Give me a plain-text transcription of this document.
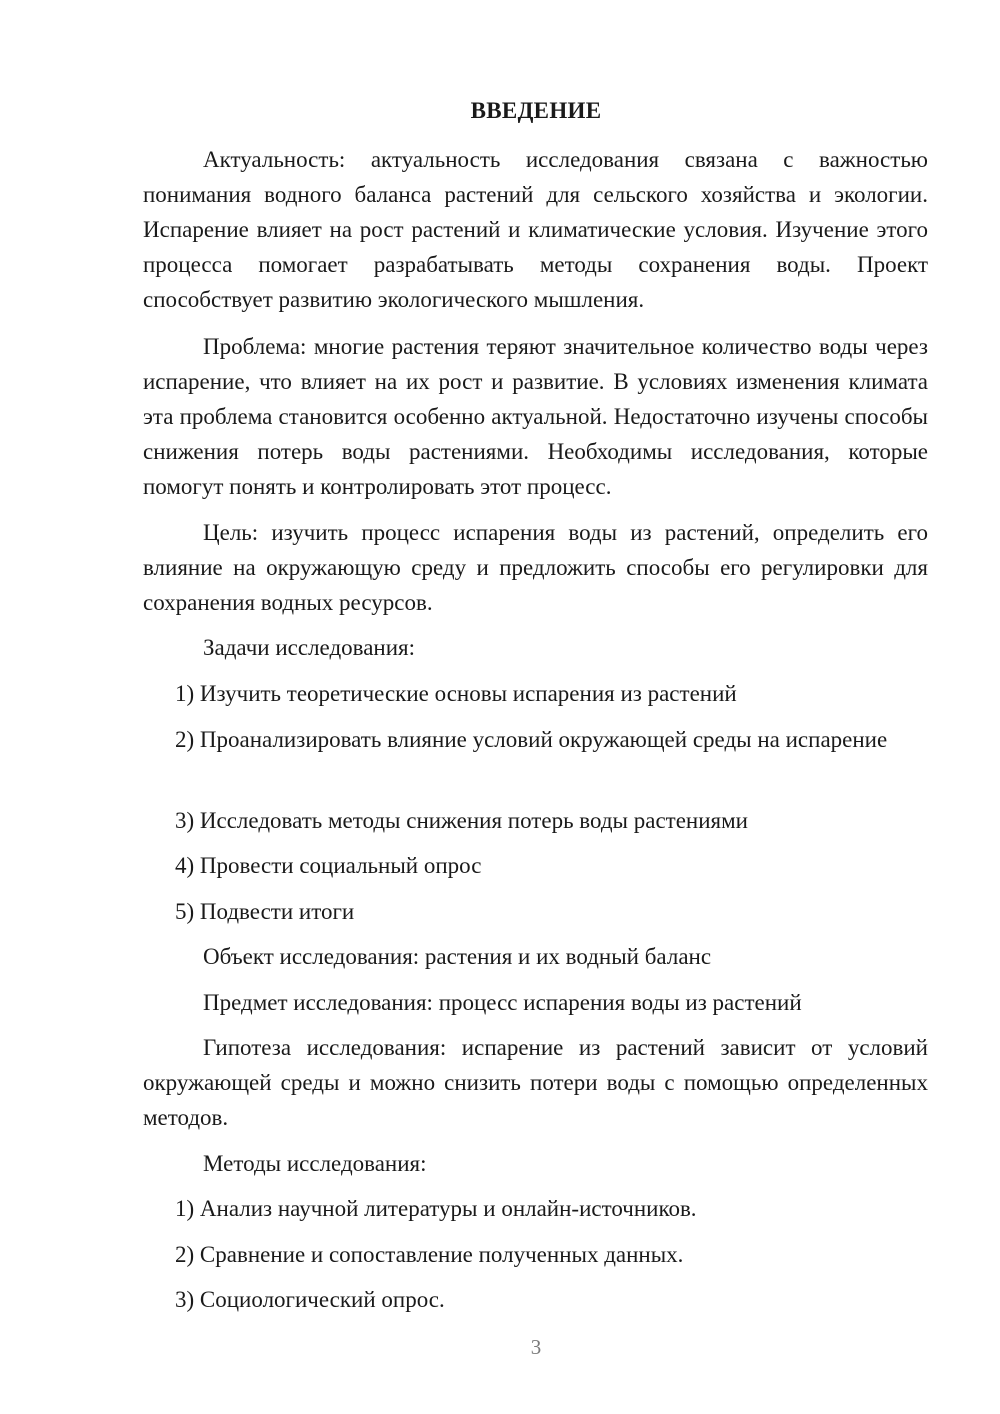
ВВЕДЕНИЕ

Актуальность: актуальность исследования связана с важностью понимания водного баланса растений для сельского хозяйства и экологии. Испарение влияет на рост растений и климатические условия. Изучение этого процесса помогает разрабатывать методы сохранения воды. Проект способствует развитию экологического мышления.

Проблема: многие растения теряют значительное количество воды через испарение, что влияет на их рост и развитие. В условиях изменения климата эта проблема становится особенно актуальной. Недостаточно изучены способы снижения потерь воды растениями. Необходимы исследования, которые помогут понять и контролировать этот процесс.

Цель: изучить процесс испарения воды из растений, определить его влияние на окружающую среду и предложить способы его регулировки для сохранения водных ресурсов.

Задачи исследования:

1) Изучить теоретические основы испарения из растений

2) Проанализировать влияние условий окружающей среды на испарение

3) Исследовать методы снижения потерь воды растениями

4) Провести социальный опрос

5) Подвести итоги

Объект исследования: растения и их водный баланс

Предмет исследования: процесс испарения воды из растений

Гипотеза исследования: испарение из растений зависит от условий окружающей среды и можно снизить потери воды с помощью определенных методов.

Методы исследования:

1) Анализ научной литературы и онлайн-источников.

2) Сравнение и сопоставление полученных данных.

3) Социологический опрос.

3
